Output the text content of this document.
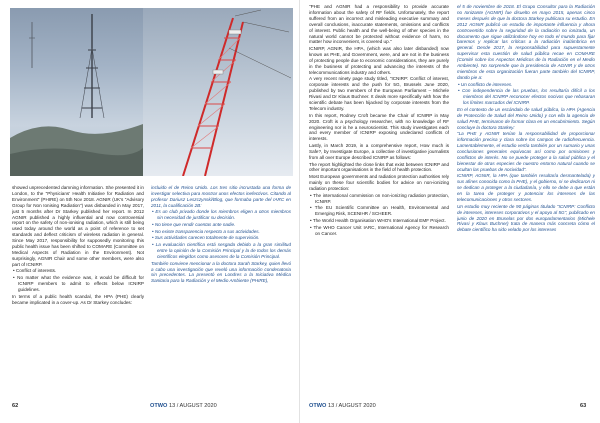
showed unprecedented damning information. She presented it in London, to the "Physicians' Health Initiative for Radiation and Environment" (PHIRE) on 5th Nov 2018. AGNIR (UK's "Advisory Group for Non Ionising Radiation") was disbanded in May 2017, just 5 months after Dr Starkey published her report. In 2012 AGNIR published a highly influential and now controversial report on the safety of non-ionising radiation, which is still being used today around the world as a point of reference to set standards and deflect criticism of wireless radiation in general. Since May 2017, responsibility for supposedly monitoring this public health issue has been shifted to COMARE (Committee on Medical Aspects of Radiation in the Environment). Not surprisingly, AGNIR Chair and some other members, were also part of ICNIRP.

• Conflict of interests.

• No matter what the evidence was, it would be difficult for ICNIRP members to admit to effects below ICNIRP guidelines.

In terms of a public health scandal, the HPA (PHE) clearly became implicated in a cover-up. As Dr Starkey concludes:

incluido el de Reino Unido. Los tres sitio incrustada una forma de investigar selectiva para mostrar unos efectos inefectivos. Citando al profesor Dariusz Leszczynski/Blog, que formaba parte del IARC en 2011, la cualificación 2B:

• Es un club privado donde los miembros eligen a otros miembros sin necesidad de justificar su decisión.

• No tiene que rendir cuentas ante nadie.

• No existe transparencia respecto a sus actividades.

• Sus actividades carecen totalmente de supervisión.

• La evaluación científica está sesgada debido a la gran similitud entre la opinión de la Comisión Principal y la de todos los demás científicos elegidos como asesores de la Comisión Principal.

También conviene mencionar a la doctora Sarah Starkey, quien llevó a cabo una investigación que reveló una información condenatoria sin precedentes. La presentó en Londres a la Iniciativa Médica Sanitaria para la Radiación y el Medio Ambiente (PHIRE),

62	OTWO 13 / AUGUST 2020

"PHE and AGNIR had a responsibility to provide accurate information about the safety of RF fields. Unfortunately, the report suffered from an incorrect and misleading executive summary and overall conclusions, inaccurate statements, omissions and conflicts of interest. Public health and the well-being of other species in the natural world cannot be protected without evidence of harm, no matter how inconvenient, is covered up."

ICNIRP, AGNIR, the HPA, (which was also later disbanded) now known as PHE, and Government, were, and are not in the business of protecting people due to economic considerations, they are purely in the business of protecting and advancing the interests of the telecommunications industry and others.

A very recent ninety page study titled, "ICNIRP: Conflict of interest, corporate interests and the push for 5G, Brussels June 2020, published by two members of the European Parliament – Michele Rivasi and Dr Klaus Buchner. It deals more specifically with how the scientific debate has been hijacked by corporate interests from the Telecom industry.

In this report, Rodney Croft became the Chair of ICNIRP in May 2020. Croft is a psychology researcher, with no knowledge of RF engineering nor is he a neuroscientist. This study investigates each and every member of ICNIRP exposing undeclared conflicts of interests.

Lastly, in March 2019, in a comprehensive report, How much is Safe?, by Investigate Europe, a collective of investigative journalists from all over Europe described ICNIRP as follows:

The report highlighted the close links that exist between ICNIRP and other important organisations in the field of health protection.

Most European governments and radiation protection authorities rely mainly on these four scientific bodies for advice on non-ionizing radiation protection:

• The international commission on non-ionizing radiation protection, ICNIRP.

• The EU Scientific Committee on Health, Environmental and Emerging Risk, SCENIHR / SCHEER.

• The World Health Organisation WHO's International EMF Project.

• The WHO Cancer Unit IARC, International Agency for Research on Cancer.

el 5 de noviembre de 2018. El Grupo Consultor para la Radiación no Ionizante (AGNIR) fue disuelto en mayo 2015, apenas cinco meses después de que la doctora Starkey publicara su estudio. En 2012 AGNIR publicó un estudio de importante influencia y ahora controvertido sobre la seguridad de la radiación no ionizada, un documento que sigue utilizándose hoy en todo el mundo para fijar baremos y replicar las críticas a la radiación inalámbrica en general. Desde 2017, la responsabilidad para supuestamente supervisar esta cuestión de salud pública recae en COMARE (Comité sobre los Aspectos Médicos de la Radiación en el Medio Ambiente). No sorprende que la presidencia de AGNIR y de otros miembros de esta organización fueran parte también del ICNIRP, dando pie a:

• Un conflicto de intereses.

• Con independencia de las pruebas, los resultaría difícil a los miembros del ICNIRP reconocer efectos nocivos que rebasaran los límites marcados del ICNIRP.

En el contexto de un escándalo de salud pública, la HPA (Agencia de Protección de Salud del Reino Unido) y con ella la agencia de salud PHE, terminaron de formar clara en un encubrimiento. Según concluye la doctora Starkey:

"La PHE y AGNIR tenían la responsabilidad de proporcionar información precisa y clara sobre los campos de radiofrecuencia. Lamentablemente, el estudio vertía también por un sumario y unas conclusiones generales equívocas así como por omisiones y conflictos de interés. No se puede proteger a la salud pública y el bienestar de otras especies de nuestro entorno natural cuando se ocultan las pruebas de nocividad".

ICNIRP, AGNIR, la HPA (que también resultaría desmantelada) y sus afines conocida como la PHE), y el gobierno, ni se dedicaron ni se dedican a proteger a la ciudadanía, y ello se debe a que están en la tarea de proteger y potenciar los intereses de las telecomunicaciones y otros sectores.

Un estudio muy reciente de 90 páginas titulado "ICNIRP: Conflicto de intereses, intereses corporativos y el apoyo al 5G", publicado en junio de 2020 en Bruselas por dos europarlamentarios (Michele Rivasi y Klaus Buchner) trata de manera más concreta cómo el debate científico ha sido velado por los intereses

OTWO 13 / AUGUST 2020	63
